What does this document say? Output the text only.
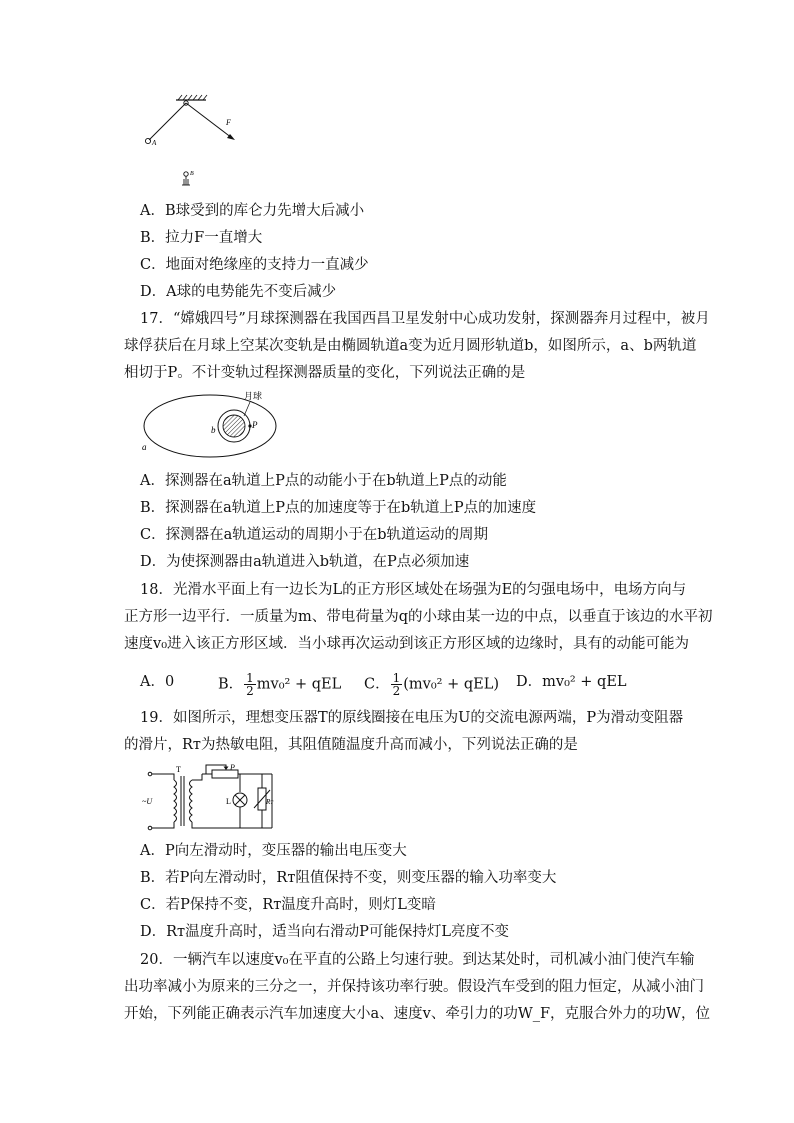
F
A
B
A．B球受到的库仑力先增大后减小
B．拉力F一直增大
C．地面对绝缘座的支持力一直减少
D．A球的电势能先不变后减少
17．“嫦娥四号”月球探测器在我国西昌卫星发射中心成功发射，探测器奔月过程中，被月
球俘获后在月球上空某次变轨是由椭圆轨道a变为近月圆形轨道b，如图所示，a、b两轨道
相切于P。不计变轨过程探测器质量的变化，下列说法正确的是
月球
b	P
a
A．探测器在a轨道上P点的动能小于在b轨道上P点的动能
B．探测器在a轨道上P点的加速度等于在b轨道上P点的加速度
C．探测器在a轨道运动的周期小于在b轨道运动的周期
D．为使探测器由a轨道进入b轨道，在P点必须加速
18．光滑水平面上有一边长为L的正方形区域处在场强为E的匀强电场中，电场方向与
正方形一边平行．一质量为m、带电荷量为q的小球由某一边的中点，以垂直于该边的水平初
速度v₀进入该正方形区域．当小球再次运动到该正方形区域的边缘时，具有的动能可能为
A．0	B． $\frac{1}{2} mv_0^2$ + qEL C． $\frac{1}{2} (mv_0^2 + qEL)$ D．mv₀² + qEL
19．如图所示，理想变压器T的原线圈接在电压为U的交流电源两端，P为滑动变阻器
的滑片，Rᴛ为热敏电阻，其阻值随温度升高而减小，下列说法正确的是
T	P
~U	L	Rᴛ
A．P向左滑动时，变压器的输出电压变大
B．若P向左滑动时，Rᴛ阻值保持不变，则变压器的输入功率变大
C．若P保持不变，Rᴛ温度升高时，则灯L变暗
D．Rᴛ温度升高时，适当向右滑动P可能保持灯L亮度不变
20．一辆汽车以速度v₀在平直的公路上匀速行驶。到达某处时，司机减小油门使汽车输
出功率减小为原来的三分之一，并保持该功率行驶。假设汽车受到的阻力恒定，从减小油门
开始，下列能正确表示汽车加速度大小a、速度v、牵引力的功W_F，克服合外力的功W，位
